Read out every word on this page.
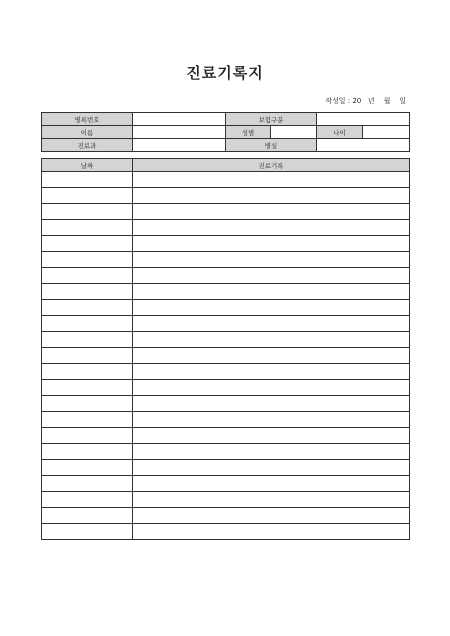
진료기록지
작성일 : 20   년    월    일
병록번호		보험구분			
이름		성별		나이	
진료과		병실			
날짜	진료기록
